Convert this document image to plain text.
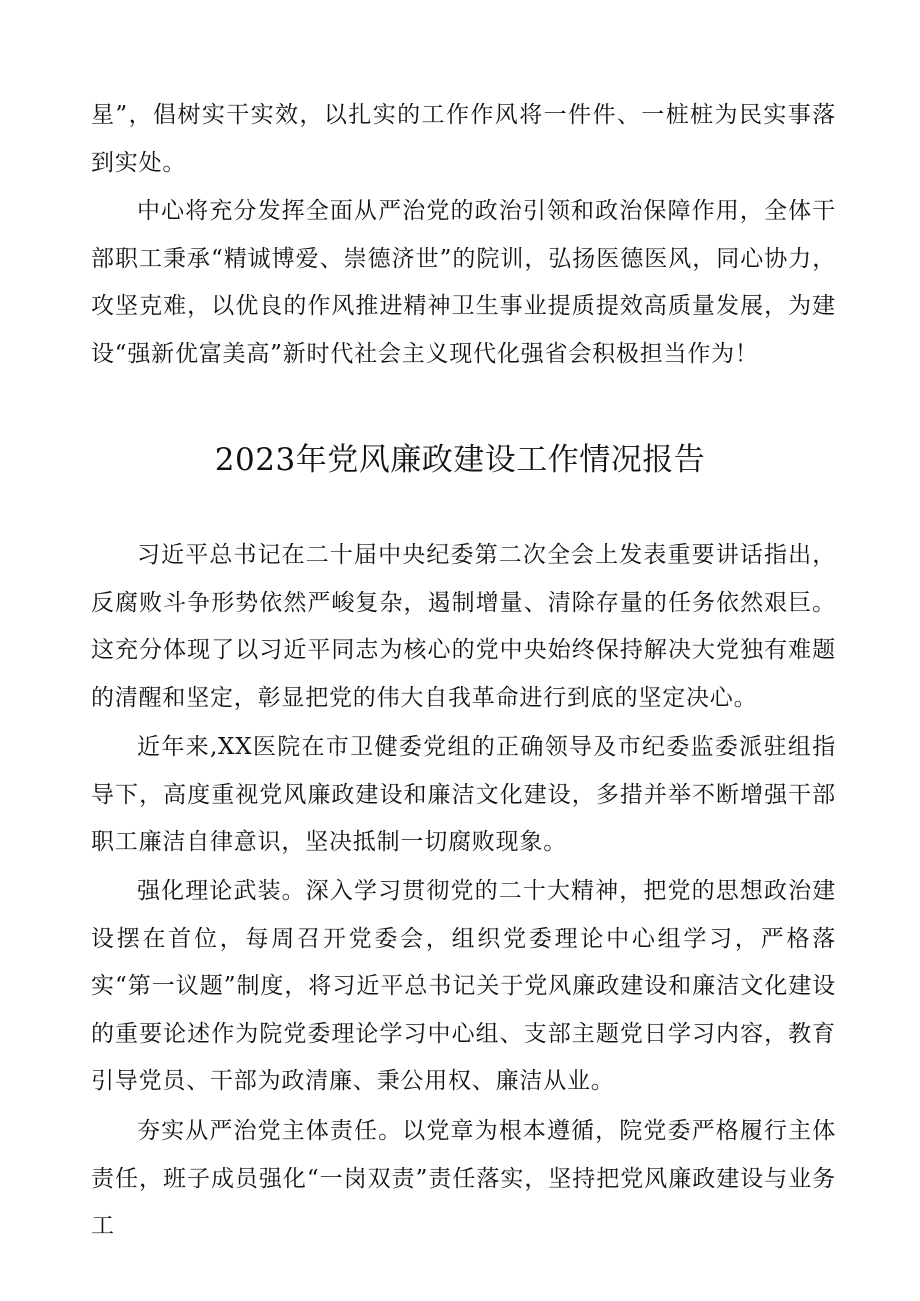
星”，倡树实干实效，以扎实的工作作风将一件件、一桩桩为民实事落到实处。

中心将充分发挥全面从严治党的政治引领和政治保障作用，全体干部职工秉承“精诚博爱、崇德济世”的院训，弘扬医德医风，同心协力，攻坚克难，以优良的作风推进精神卫生事业提质提效高质量发展，为建设“强新优富美高”新时代社会主义现代化强省会积极担当作为！

2023年党风廉政建设工作情况报告

习近平总书记在二十届中央纪委第二次全会上发表重要讲话指出，反腐败斗争形势依然严峻复杂，遏制增量、清除存量的任务依然艰巨。这充分体现了以习近平同志为核心的党中央始终保持解决大党独有难题的清醒和坚定，彰显把党的伟大自我革命进行到底的坚定决心。

近年来,XX医院在市卫健委党组的正确领导及市纪委监委派驻组指导下，高度重视党风廉政建设和廉洁文化建设，多措并举不断增强干部职工廉洁自律意识，坚决抵制一切腐败现象。

强化理论武装。深入学习贯彻党的二十大精神，把党的思想政治建设摆在首位，每周召开党委会，组织党委理论中心组学习，严格落实“第一议题”制度，将习近平总书记关于党风廉政建设和廉洁文化建设的重要论述作为院党委理论学习中心组、支部主题党日学习内容，教育引导党员、干部为政清廉、秉公用权、廉洁从业。

夯实从严治党主体责任。以党章为根本遵循，院党委严格履行主体责任，班子成员强化“一岗双责”责任落实，坚持把党风廉政建设与业务工
